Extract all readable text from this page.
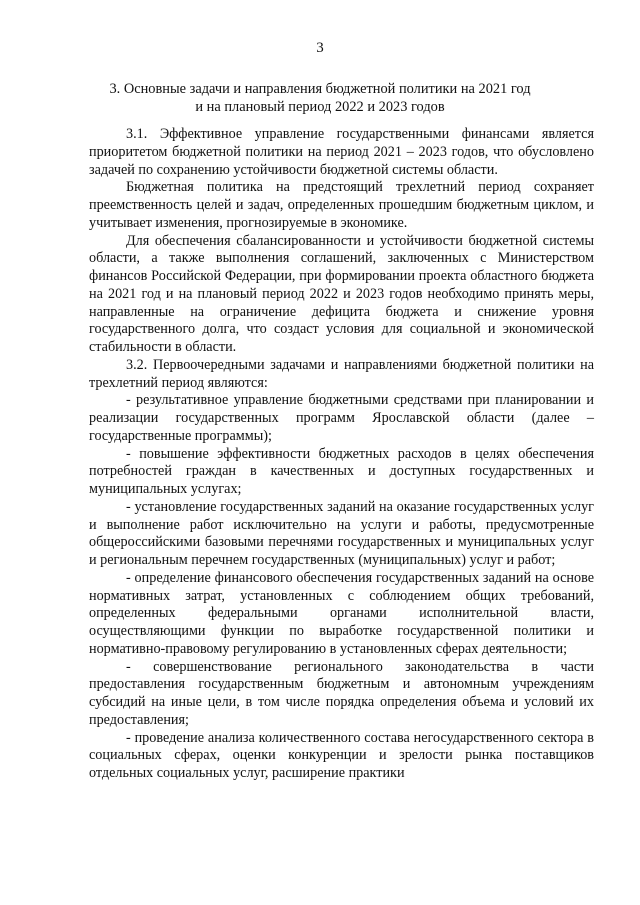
3
3. Основные задачи и направления бюджетной политики на 2021 год
и на плановый период 2022 и 2023 годов

3.1. Эффективное управление государственными финансами является приоритетом бюджетной политики на период 2021 – 2023 годов, что обусловлено задачей по сохранению устойчивости бюджетной системы области.

Бюджетная политика на предстоящий трехлетний период сохраняет преемственность целей и задач, определенных прошедшим бюджетным циклом, и учитывает изменения, прогнозируемые в экономике.

Для обеспечения сбалансированности и устойчивости бюджетной системы области, а также выполнения соглашений, заключенных с Министерством финансов Российской Федерации, при формировании проекта областного бюджета на 2021 год и на плановый период 2022 и 2023 годов необходимо принять меры, направленные на ограничение дефицита бюджета и снижение уровня государственного долга, что создаст условия для социальной и экономической стабильности в области.

3.2. Первоочередными задачами и направлениями бюджетной политики на трехлетний период являются:

- результативное управление бюджетными средствами при планировании и реализации государственных программ Ярославской области (далее – государственные программы);

- повышение эффективности бюджетных расходов в целях обеспечения потребностей граждан в качественных и доступных государственных и муниципальных услугах;

- установление государственных заданий на оказание государственных услуг и выполнение работ исключительно на услуги и работы, предусмотренные общероссийскими базовыми перечнями государственных и муниципальных услуг и региональным перечнем государственных (муниципальных) услуг и работ;

- определение финансового обеспечения государственных заданий на основе нормативных затрат, установленных с соблюдением общих требований, определенных федеральными органами исполнительной власти, осуществляющими функции по выработке государственной политики и нормативно-правовому регулированию в установленных сферах деятельности;

- совершенствование регионального законодательства в части предоставления государственным бюджетным и автономным учреждениям субсидий на иные цели, в том числе порядка определения объема и условий их предоставления;

- проведение анализа количественного состава негосударственного сектора в социальных сферах, оценки конкуренции и зрелости рынка поставщиков отдельных социальных услуг, расширение практики
